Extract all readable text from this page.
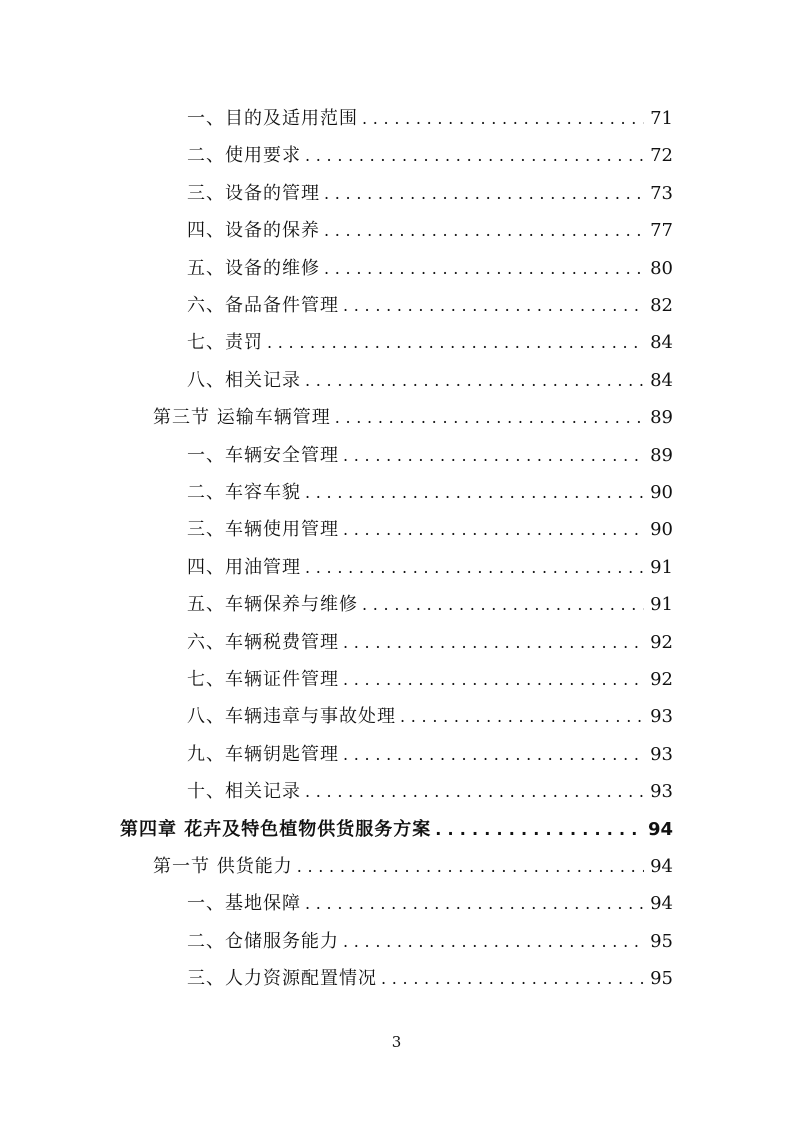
一、目的及适用范围 . . .	71
二、使用要求 . . .	72
三、设备的管理 . . .	73
四、设备的保养 . . .	77
五、设备的维修 . . .	80
六、备品备件管理 . . .	82
七、责罚 . . .	84
八、相关记录 . . .	84
第三节 运输车辆管理 . . .	89
一、车辆安全管理 . . .	89
二、车容车貌 . . .	90
三、车辆使用管理 . . .	90
四、用油管理 . . .	91
五、车辆保养与维修 . . .	91
六、车辆税费管理 . . .	92
七、车辆证件管理 . . .	92
八、车辆违章与事故处理 . . .	93
九、车辆钥匙管理 . . .	93
十、相关记录 . . .	93
第四章 花卉及特色植物供货服务方案 . . .	94
第一节 供货能力 . . .	94
一、基地保障 . . .	94
二、仓储服务能力 . . .	95
三、人力资源配置情况 . . .	95
3
